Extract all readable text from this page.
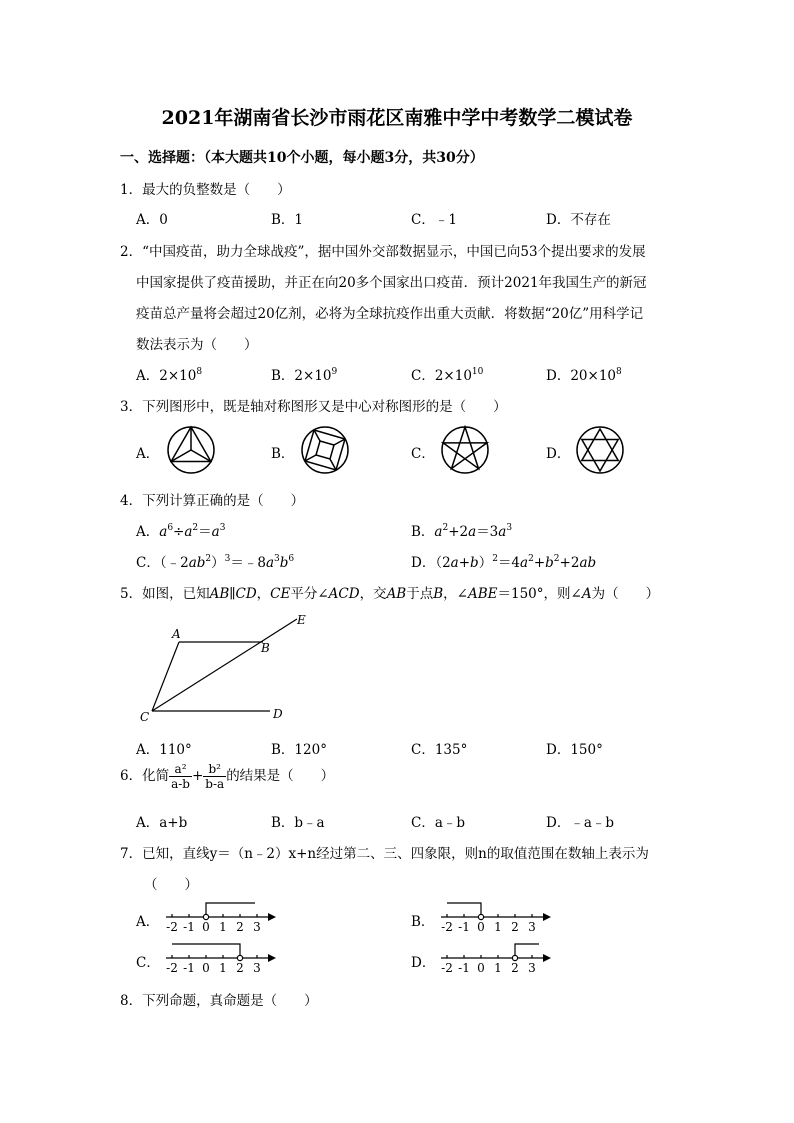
2021年湖南省长沙市雨花区南雅中学中考数学二模试卷
一、选择题：（本大题共10个小题，每小题3分，共30分）
1．最大的负整数是（　　）
A．0	B．1	C．﹣1	D．不存在
2．“中国疫苗，助力全球战疫”，据中国外交部数据显示，中国已向53个提出要求的发展
中国家提供了疫苗援助，并正在向20多个国家出口疫苗．预计2021年我国生产的新冠
疫苗总产量将会超过20亿剂，必将为全球抗疫作出重大贡献．将数据“20亿”用科学记
数法表示为（　　）
A．$2\times 10^8$	B．$2\times 10^9$	C．$2\times 10^{10}$	D．$20\times 10^8$
3．下列图形中，既是轴对称图形又是中心对称图形的是（　　）
A．	B．	C．	D．
4．下列计算正确的是（　　）
A．$a^6\div a^2=a^3$	B．$a^2+2a=3a^3$
C．$(﹣2ab^2)^3=﹣8a^3b^6$	D．$(2a+b)^2=4a^2+b^2+2ab$
5．如图，已知AB∥CD，CE平分∠ACD，交AB于点B，∠ABE＝150°，则∠A为（　　）
A
B
C	D
E
A．110°	B．120°	C．135°	D．150°
6．化简 $\frac{\text{a²}}{a-b} + \frac{\text{b²}}{b-a}$ 的结果是（　　）
A．a+b	B．b﹣a	C．a﹣b	D．﹣a﹣b
7．已知，直线y＝（n﹣2）x+n经过第二、三、四象限，则n的取值范围在数轴上表示为
（　　）
A．	B．
C．	D．
-2 -1 0 1 2 3	-2 -1 0 1 2 3
-2 -1 0 1 2 3	-2 -1 0 1 2 3
8．下列命题，真命题是（　　）
